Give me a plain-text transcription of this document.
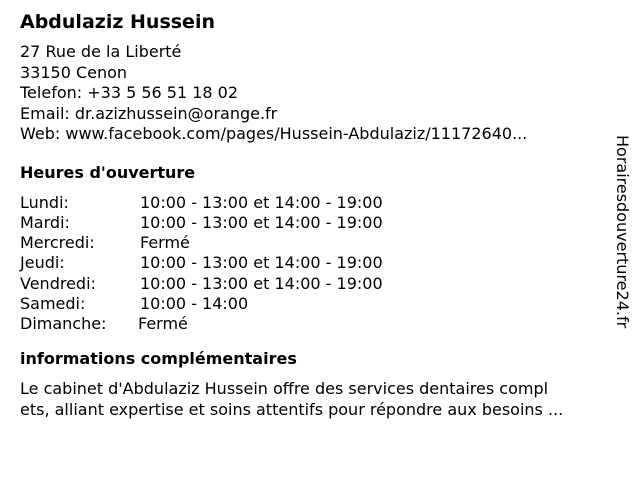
Abdulaziz Hussein
27 Rue de la Liberté
33150 Cenon
Telefon: +33 5 56 51 18 02
Email: dr.azizhussein@orange.fr
Web: www.facebook.com/pages/Hussein-Abdulaziz/11172640...
Heures d'ouverture
Lundi:	10:00 - 13:00 et 14:00 - 19:00
Mardi:	10:00 - 13:00 et 14:00 - 19:00
Mercredi:	Fermé
Jeudi:	10:00 - 13:00 et 14:00 - 19:00
Vendredi:	10:00 - 13:00 et 14:00 - 19:00
Samedi:	10:00 - 14:00
Dimanche:	Fermé
informations complémentaires
Le cabinet d'Abdulaziz Hussein offre des services dentaires compl
ets, alliant expertise et soins attentifs pour répondre aux besoins ...
Horairesdouverture24.fr
